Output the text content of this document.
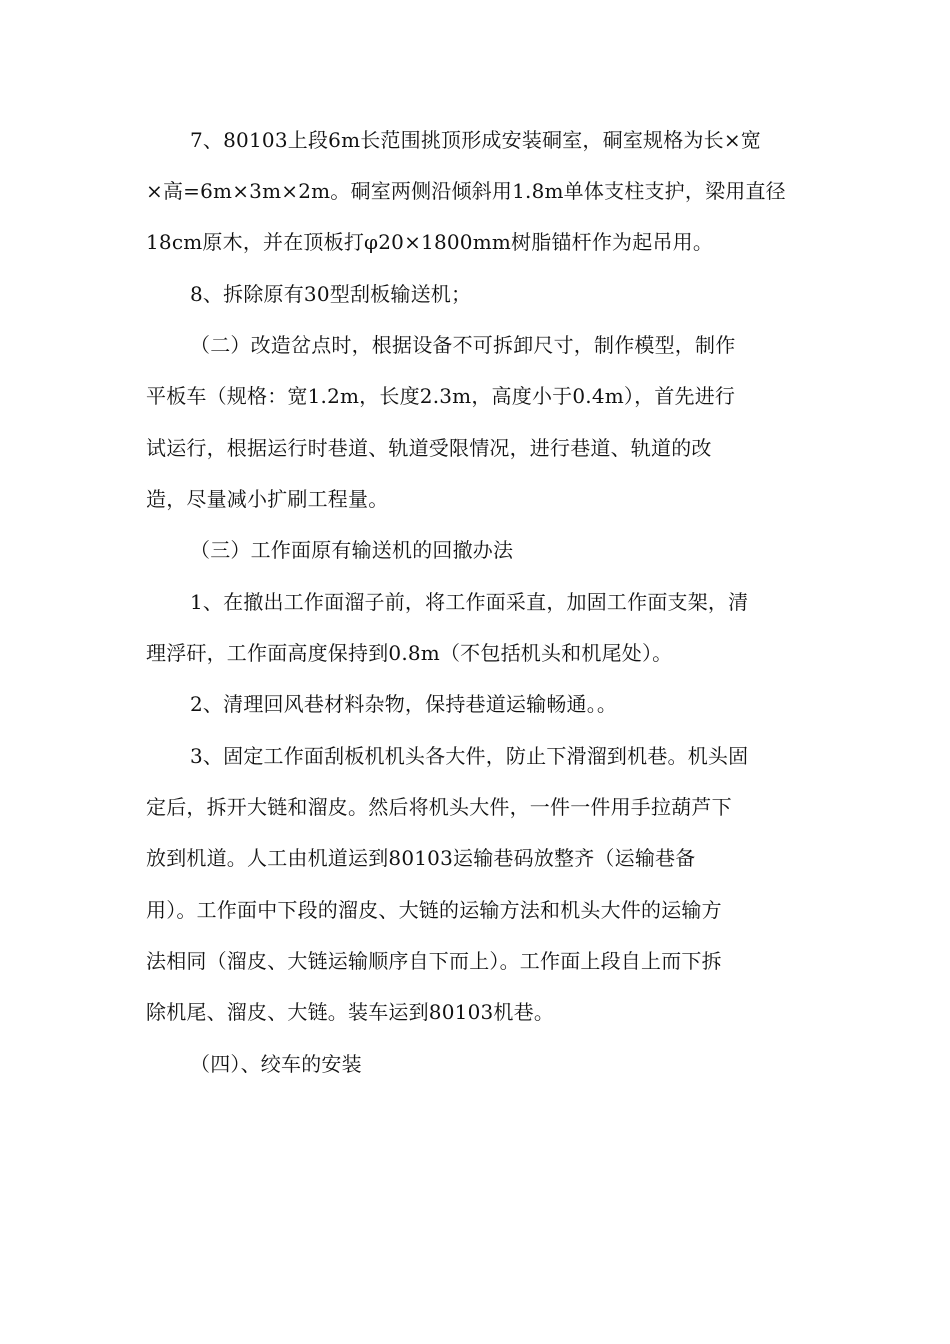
7、80103上段6m长范围挑顶形成安装硐室，硐室规格为长×宽
×高=6m×3m×2m。硐室两侧沿倾斜用1.8m单体支柱支护，梁用直径
18cm原木，并在顶板打φ20×1800mm树脂锚杆作为起吊用。
8、拆除原有30型刮板输送机；
（二）改造岔点时，根据设备不可拆卸尺寸，制作模型，制作
平板车（规格：宽1.2m，长度2.3m，高度小于0.4m），首先进行
试运行，根据运行时巷道、轨道受限情况，进行巷道、轨道的改
造，尽量减小扩刷工程量。
（三）工作面原有输送机的回撤办法
1、在撤出工作面溜子前，将工作面采直，加固工作面支架，清
理浮矸，工作面高度保持到0.8m（不包括机头和机尾处）。
2、清理回风巷材料杂物，保持巷道运输畅通。。
3、固定工作面刮板机机头各大件，防止下滑溜到机巷。机头固
定后，拆开大链和溜皮。然后将机头大件，一件一件用手拉葫芦下
放到机道。人工由机道运到80103运输巷码放整齐（运输巷备
用）。工作面中下段的溜皮、大链的运输方法和机头大件的运输方
法相同（溜皮、大链运输顺序自下而上）。工作面上段自上而下拆
除机尾、溜皮、大链。装车运到80103机巷。
（四）、绞车的安装
